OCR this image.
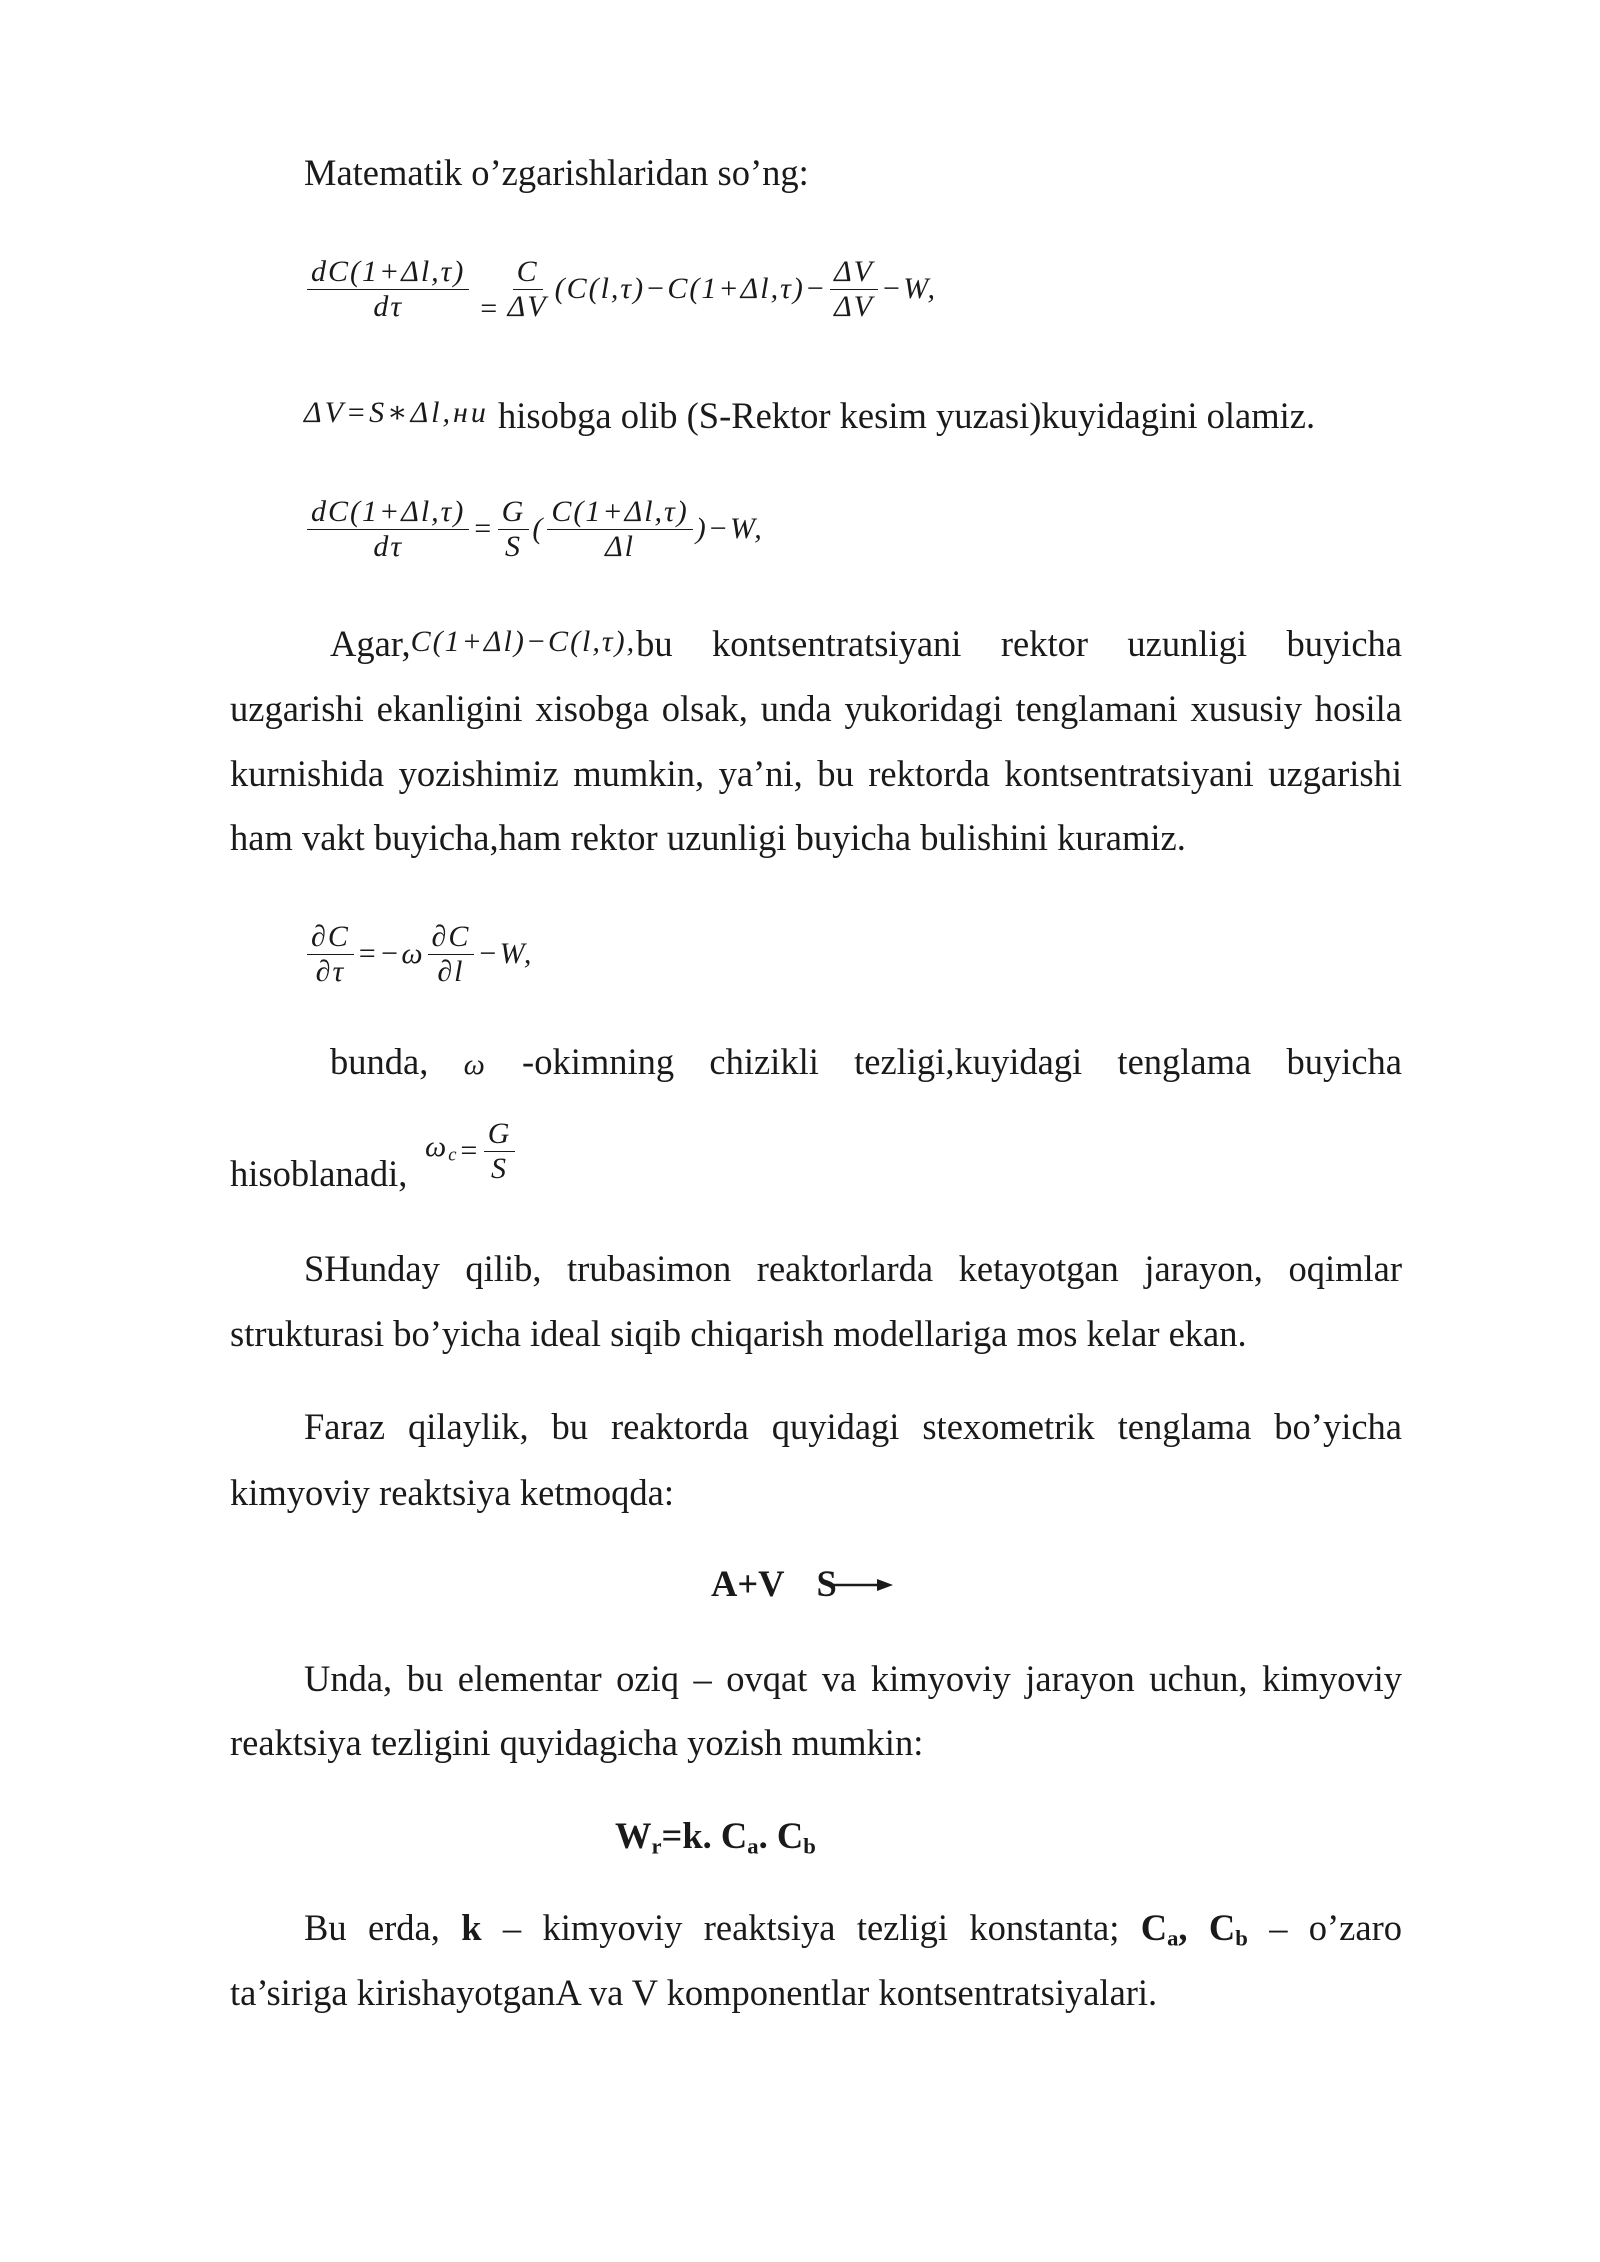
Matematik o’zgarishlaridan so’ng:
$\frac{dC(1+\Delta l,\tau)}{d\tau} = \frac{C}{\Delta V} (C(l,\tau)-C(1+\Delta l,\tau)- \frac{\Delta V}{\Delta V} -W$,
ΔV=S∗Δl,ни hisobga olib (S-Rektor kesim yuzasi)kuyidagini olamiz.
$\frac{dC(1+\Delta l,\tau)}{d\tau} = \frac{G}{S}$ ( $\frac{C(1+\Delta l,\tau)}{\Delta l} )-W$,
Agar,C(1+Δl)−C(l,τ),bu kontsentratsiyani rektor uzunligi buyicha
uzgarishi ekanligini xisobga olsak, unda yukoridagi tenglamani xususiy hosila
kurnishida yozishimiz mumkin, ya’ni, bu rektorda kontsentratsiyani uzgarishi
ham vakt buyicha,ham rektor uzunligi buyicha bulishini kuramiz.
$\frac{\partial C}{\partial\tau} =-\omega \frac{\partial C}{\partial l} -W$,
bunda, ω -okimning chizikli tezligi,kuyidagi tenglama buyicha
hisoblanadi,
$\omega_c = \frac{G}{S}$
SHunday qilib, trubasimon reaktorlarda ketayotgan jarayon, oqimlar
strukturasi bo’yicha ideal siqib chiqarish modellariga mos kelar ekan.
Faraz qilaylik, bu reaktorda quyidagi stexometrik tenglama bo’yicha
kimyoviy reaktsiya ketmoqda:
A+V S
Unda, bu elementar oziq – ovqat va kimyoviy jarayon uchun, kimyoviy
reaktsiya tezligini quyidagicha yozish mumkin:
$W_r=k$. $C_a$. $C_b$
Bu erda, k – kimyoviy reaktsiya tezligi konstanta; $C_a$, $C_b$ – o’zaro
ta’siriga kirishayotganA va V komponentlar kontsentratsiyalari.
